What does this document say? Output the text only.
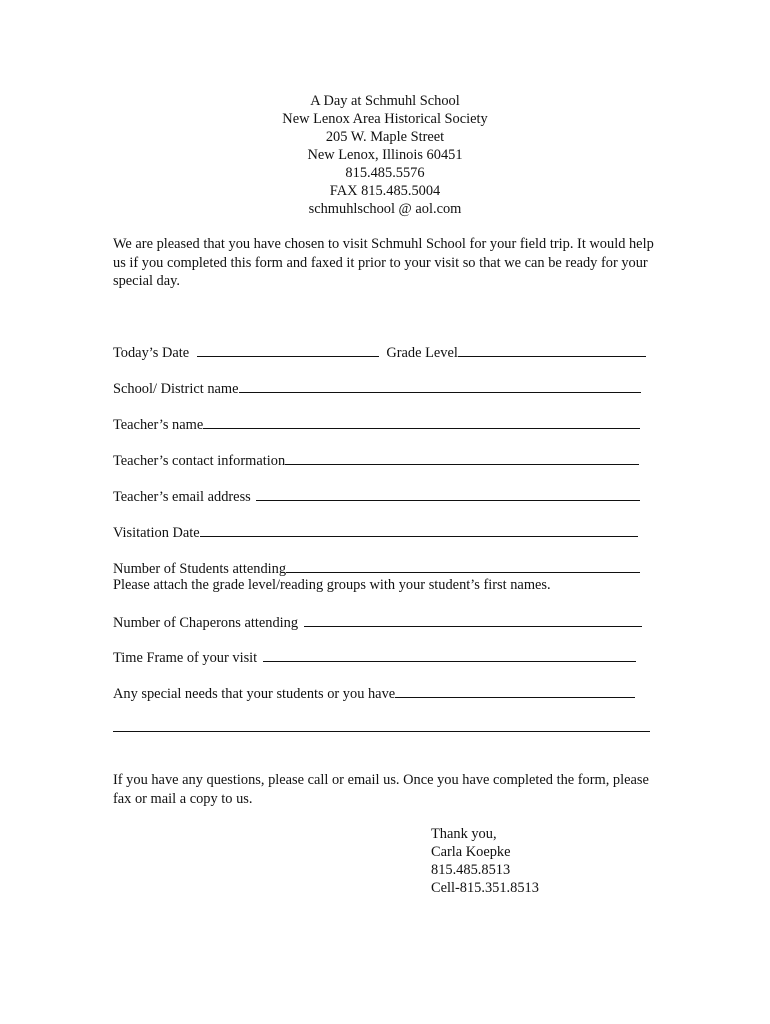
A Day at Schmuhl School
New Lenox Area Historical Society
205 W. Maple Street
New Lenox, Illinois 60451
815.485.5576
FAX 815.485.5004
schmuhlschool @ aol.com
We are pleased that you have chosen to visit Schmuhl School for your field trip. It would help us if you completed this form and faxed it prior to your visit so that we can be ready for your special day.
Today’s Date	Grade Level
School/ District name
Teacher’s name
Teacher’s contact information
Teacher’s email address
Visitation Date
Number of Students attending
Please attach the grade level/reading groups with your student’s first names.
Number of Chaperons attending
Time Frame of your visit
Any special needs that your students or you have
If you have any questions, please call or email us. Once you have completed the form, please fax or mail a copy to us.
Thank you,
Carla Koepke
815.485.8513
Cell-815.351.8513
